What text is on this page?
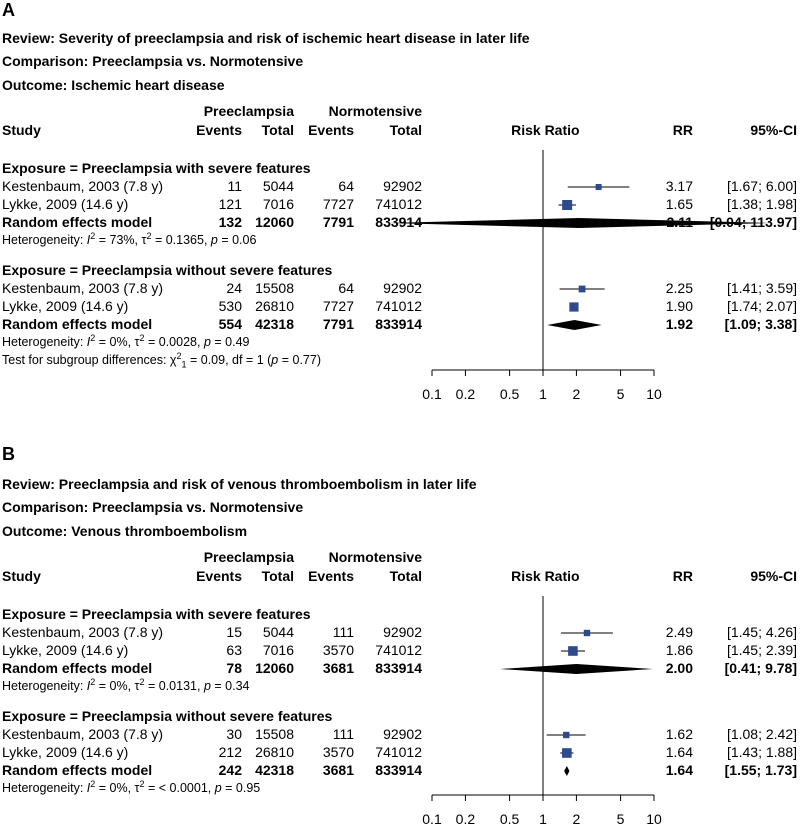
A
Review: Severity of preeclampsia and risk of ischemic heart disease in later life
Comparison: Preeclampsia vs. Normotensive
Outcome: Ischemic heart disease
Preeclampsia Normotensive
Study	Events Total Events	Total	Risk Ratio	RR	95%-CI
Exposure = Preeclampsia with severe features
Kestenbaum, 2003 (7.8 y)	11 5044	64 92902	3.17 [1.67; 6.00]
Lykke, 2009 (14.6 y)	121 7016 7727 741012	1.65 [1.38; 1.98]
Random effects model	132 12060 7791 833914	2.11 [0.04; 113.97]
Heterogeneity: $I^2 = 73\%$, $\tau^2 = 0.1365$, p = 0.06
Exposure = Preeclampsia without severe features
Kestenbaum, 2003 (7.8 y)	24 15508	64 92902	2.25 [1.41; 3.59]
Lykke, 2009 (14.6 y)	530 26810 7727 741012	1.90 [1.74; 2.07]
Random effects model	554 42318 7791 833914	1.92 [1.09; 3.38]
Heterogeneity: $I^2 = 0\%$, $\tau^2 = 0.0028$, p = 0.49
Test for subgroup differences: $\chi^2_1 = 0.09$, df = 1 (p = 0.77)
0.1 0.2	0.5	1	2	5	10
B
Review: Preeclampsia and risk of venous thromboembolism in later life
Comparison: Preeclampsia vs. Normotensive
Outcome: Venous thromboembolism
Preeclampsia Normotensive
Study	Events Total Events	Total	Risk Ratio	RR	95%-CI
Exposure = Preeclampsia with severe features
Kestenbaum, 2003 (7.8 y)	15 5044	111 92902	2.49 [1.45; 4.26]
Lykke, 2009 (14.6 y)	63 7016 3570 741012	1.86 [1.45; 2.39]
Random effects model	78 12060 3681 833914	2.00 [0.41; 9.78]
Heterogeneity: $I^2 = 0\%$, $\tau^2 = 0.0131$, p = 0.34
Exposure = Preeclampsia without severe features
Kestenbaum, 2003 (7.8 y)	30 15508	111 92902	1.62 [1.08; 2.42]
Lykke, 2009 (14.6 y)	212 26810 3570 741012	1.64 [1.43; 1.88]
Random effects model	242 42318 3681 833914	1.64 [1.55; 1.73]
Heterogeneity: $I^2 = 0\%$, $\tau^2$ = < 0.0001, p = 0.95
0.1 0.2	0.5	1	2	5	10
